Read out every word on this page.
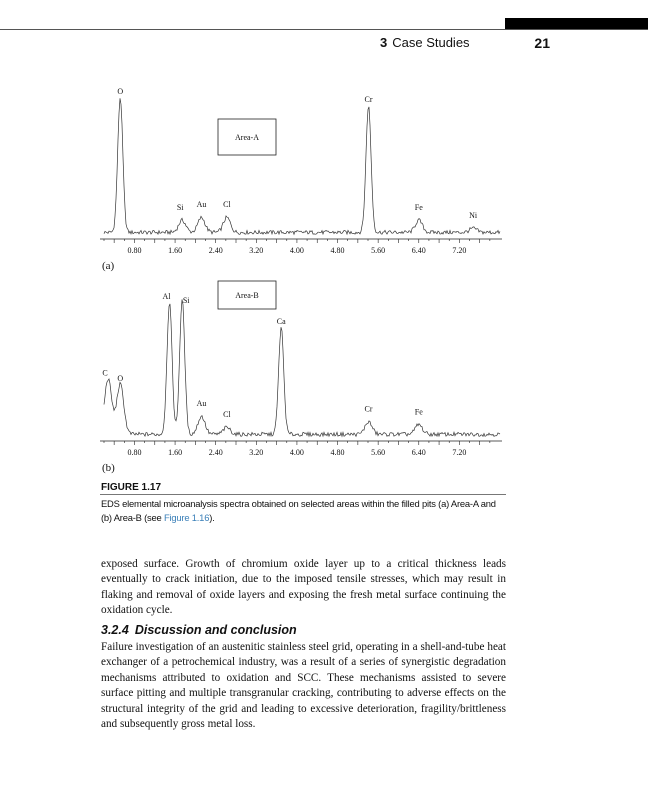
3 Case Studies	21
0.80	1.60	2.40	3.20	4.00	4.80	5.60	6.40	7.20
O
Si Au Cl
Cr
Fe
Ni
Area-A
(a)
0.80	1.60	2.40	3.20	4.00	4.80	5.60	6.40	7.20
C
O
Al Si
Au
Cl
Ca
Cr	Fe
Area-B
(b)
FIGURE 1.17
EDS elemental microanalysis spectra obtained on selected areas within the filled pits (a) Area-A and (b) Area-B (see Figure 1.16).

exposed surface. Growth of chromium oxide layer up to a critical thickness leads eventually to crack initiation, due to the imposed tensile stresses, which may result in flaking and removal of oxide layers and exposing the fresh metal surface continuing the oxidation cycle.

3.2.4 Discussion and conclusion

Failure investigation of an austenitic stainless steel grid, operating in a shell-and-tube heat exchanger of a petrochemical industry, was a result of a series of synergistic degradation mechanisms attributed to oxidation and SCC. These mechanisms assisted to severe surface pitting and multiple transgranular cracking, contributing to adverse effects on the structural integrity of the grid and leading to excessive deterioration, fragility/brittleness and subsequently gross metal loss.
